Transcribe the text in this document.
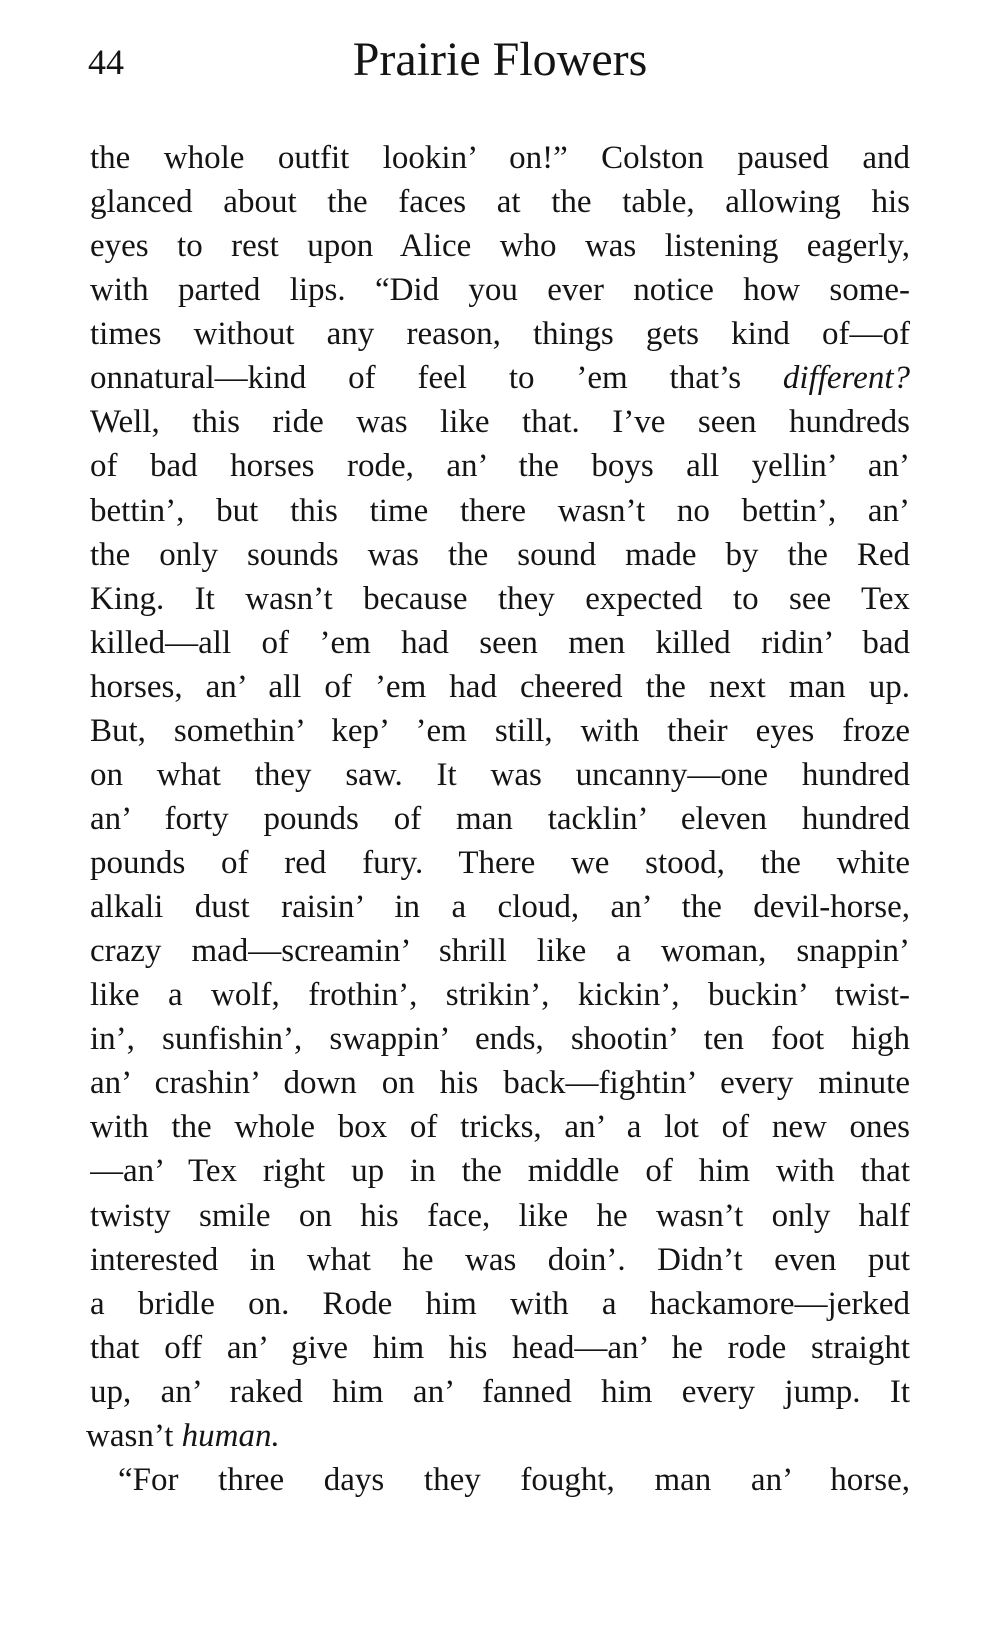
44	Prairie Flowers
the whole outfit lookin’ on!” Colston paused and
glanced about the faces at the table, allowing his
eyes to rest upon Alice who was listening eagerly,
with parted lips. “Did you ever notice how some-
times without any reason, things gets kind of—of
onnatural—kind of feel to ’em that’s different?
Well, this ride was like that. I’ve seen hundreds
of bad horses rode, an’ the boys all yellin’ an’
bettin’, but this time there wasn’t no bettin’, an’
the only sounds was the sound made by the Red
King. It wasn’t because they expected to see Tex
killed—all of ’em had seen men killed ridin’ bad
horses, an’ all of ’em had cheered the next man up.
But, somethin’ kep’ ’em still, with their eyes froze
on what they saw. It was uncanny—one hundred
an’ forty pounds of man tacklin’ eleven hundred
pounds of red fury. There we stood, the white
alkali dust raisin’ in a cloud, an’ the devil-horse,
crazy mad—screamin’ shrill like a woman, snappin’
like a wolf, frothin’, strikin’, kickin’, buckin’ twist-
in’, sunfishin’, swappin’ ends, shootin’ ten foot high
an’ crashin’ down on his back—fightin’ every minute
with the whole box of tricks, an’ a lot of new ones
—an’ Tex right up in the middle of him with that
twisty smile on his face, like he wasn’t only half
interested in what he was doin’. Didn’t even put
a bridle on. Rode him with a hackamore—jerked
that off an’ give him his head—an’ he rode straight
up, an’ raked him an’ fanned him every jump. It
wasn’t human.
“For three days they fought, man an’ horse,
